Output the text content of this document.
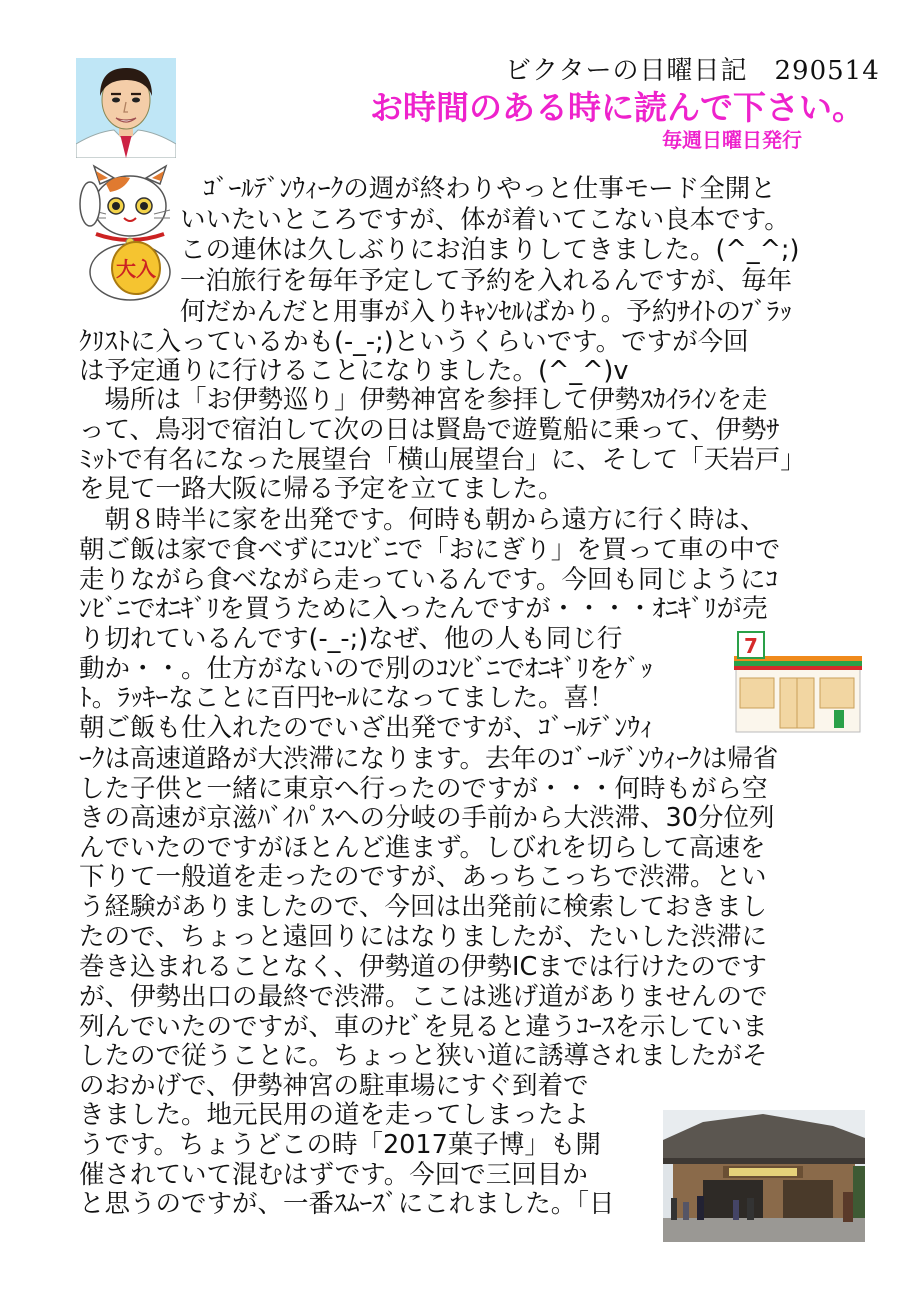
ビクターの日曜日記　290514
お時間のある時に読んで下さい。
毎週日曜日発行
大入
7
ｺﾞｰﾙﾃﾞﾝｳｨｰｸの週が終わりやっと仕事モード全開と
いいたいところですが、体が着いてこない良本です。
この連休は久しぶりにお泊まりしてきました。(^_^;)
一泊旅行を毎年予定して予約を入れるんですが、毎年
何だかんだと用事が入りｷｬﾝｾﾙばかり。予約ｻｲﾄのﾌﾞﾗｯ
ｸﾘｽﾄに入っているかも(-_-;)というくらいです。ですが今回
は予定通りに行けることになりました。(^_^)v
　場所は「お伊勢巡り」伊勢神宮を参拝して伊勢ｽｶｲﾗｲﾝを走
って、鳥羽で宿泊して次の日は賢島で遊覧船に乗って、伊勢ｻ
ﾐｯﾄで有名になった展望台「横山展望台」に、そして「天岩戸」
を見て一路大阪に帰る予定を立てました。
　朝８時半に家を出発です。何時も朝から遠方に行く時は、
朝ご飯は家で食べずにｺﾝﾋﾞﾆで「おにぎり」を買って車の中で
走りながら食べながら走っているんです。今回も同じようにｺ
ﾝﾋﾞﾆでｵﾆｷﾞﾘを買うために入ったんですが・・・・ｵﾆｷﾞﾘが売
り切れているんです(-_-;)なぜ、他の人も同じ行
動か・・。仕方がないので別のｺﾝﾋﾞﾆでｵﾆｷﾞﾘをｹﾞｯ
ﾄ。ﾗｯｷｰなことに百円ｾｰﾙになってました。喜！
朝ご飯も仕入れたのでいざ出発ですが、ｺﾞｰﾙﾃﾞﾝｳｨ
ｰｸは高速道路が大渋滞になります。去年のｺﾞｰﾙﾃﾞﾝｳｨｰｸは帰省
した子供と一緒に東京へ行ったのですが・・・何時もがら空
きの高速が京滋ﾊﾞｲﾊﾟｽへの分岐の手前から大渋滞、30分位列
んでいたのですがほとんど進まず。しびれを切らして高速を
下りて一般道を走ったのですが、あっちこっちで渋滞。とい
う経験がありましたので、今回は出発前に検索しておきまし
たので、ちょっと遠回りにはなりましたが、たいした渋滞に
巻き込まれることなく、伊勢道の伊勢ICまでは行けたのです
が、伊勢出口の最終で渋滞。ここは逃げ道がありませんので
列んでいたのですが、車のﾅﾋﾞを見ると違うｺｰｽを示していま
したので従うことに。ちょっと狭い道に誘導されましたがそ
のおかげで、伊勢神宮の駐車場にすぐ到着で
きました。地元民用の道を走ってしまったよ
うです。ちょうどこの時「2017菓子博」も開
催されていて混むはずです。今回で三回目か
と思うのですが、一番ｽﾑｰｽﾞにこれました。「日
